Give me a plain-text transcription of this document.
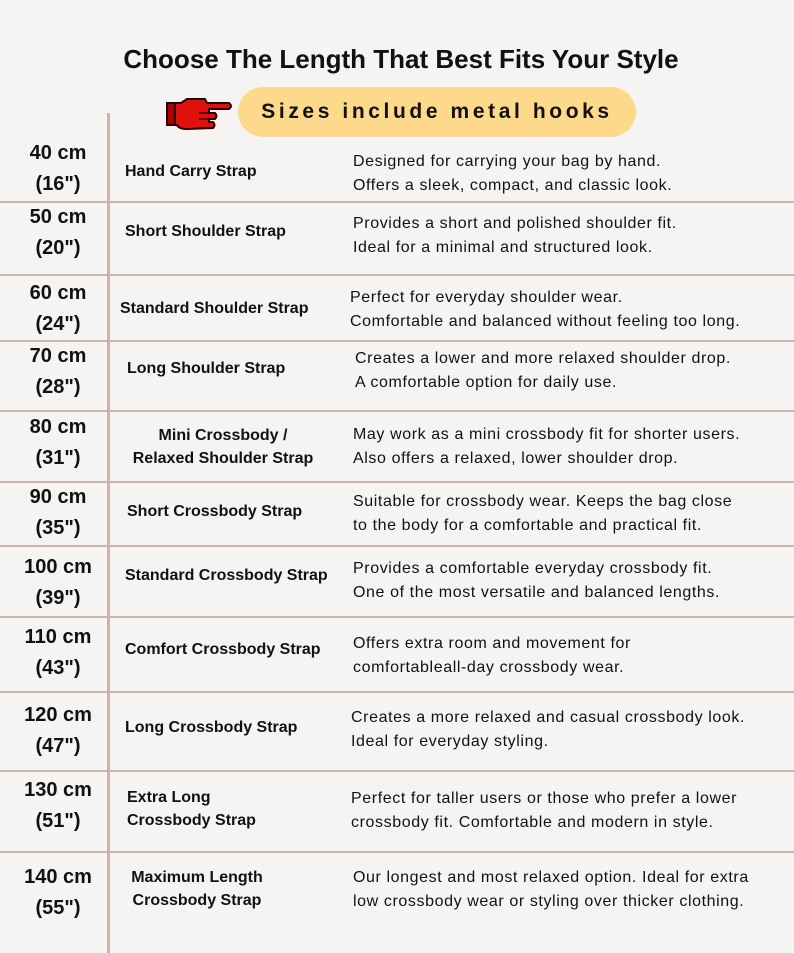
Choose The Length That Best Fits Your Style
Sizes include metal hooks
40 cm
(16")
Hand Carry Strap
Designed for carrying your bag by hand.
Offers a sleek, compact, and classic look.
50 cm
(20")
Short Shoulder Strap	Provides a short and polished shoulder fit.
Ideal for a minimal and structured look.
60 cm
(24")
Standard Shoulder Strap
Perfect for everyday shoulder wear.
Comfortable and balanced without feeling too long.
70 cm
(28")
Long Shoulder Strap
Creates a lower and more relaxed shoulder drop.
A comfortable option for daily use.
80 cm
(31")
Mini Crossbody /
Relaxed Shoulder Strap
May work as a mini crossbody fit for shorter users.
Also offers a relaxed, lower shoulder drop.
90 cm
(35")
Short Crossbody Strap
Suitable for crossbody wear. Keeps the bag close
to the body for a comfortable and practical fit.
100 cm
(39")
Standard Crossbody Strap Provides a comfortable everyday crossbody fit.
One of the most versatile and balanced lengths.
110 cm
(43")
Comfort Crossbody Strap Offers extra room and movement for
comfortableall-day crossbody wear.
120 cm
(47")
Long Crossbody Strap
Creates a more relaxed and casual crossbody look.
Ideal for everyday styling.
130 cm
(51")
Extra Long
Crossbody Strap
Perfect for taller users or those who prefer a lower
crossbody fit. Comfortable and modern in style.
140 cm
(55")
Maximum Length
Crossbody Strap
Our longest and most relaxed option. Ideal for extra
low crossbody wear or styling over thicker clothing.
